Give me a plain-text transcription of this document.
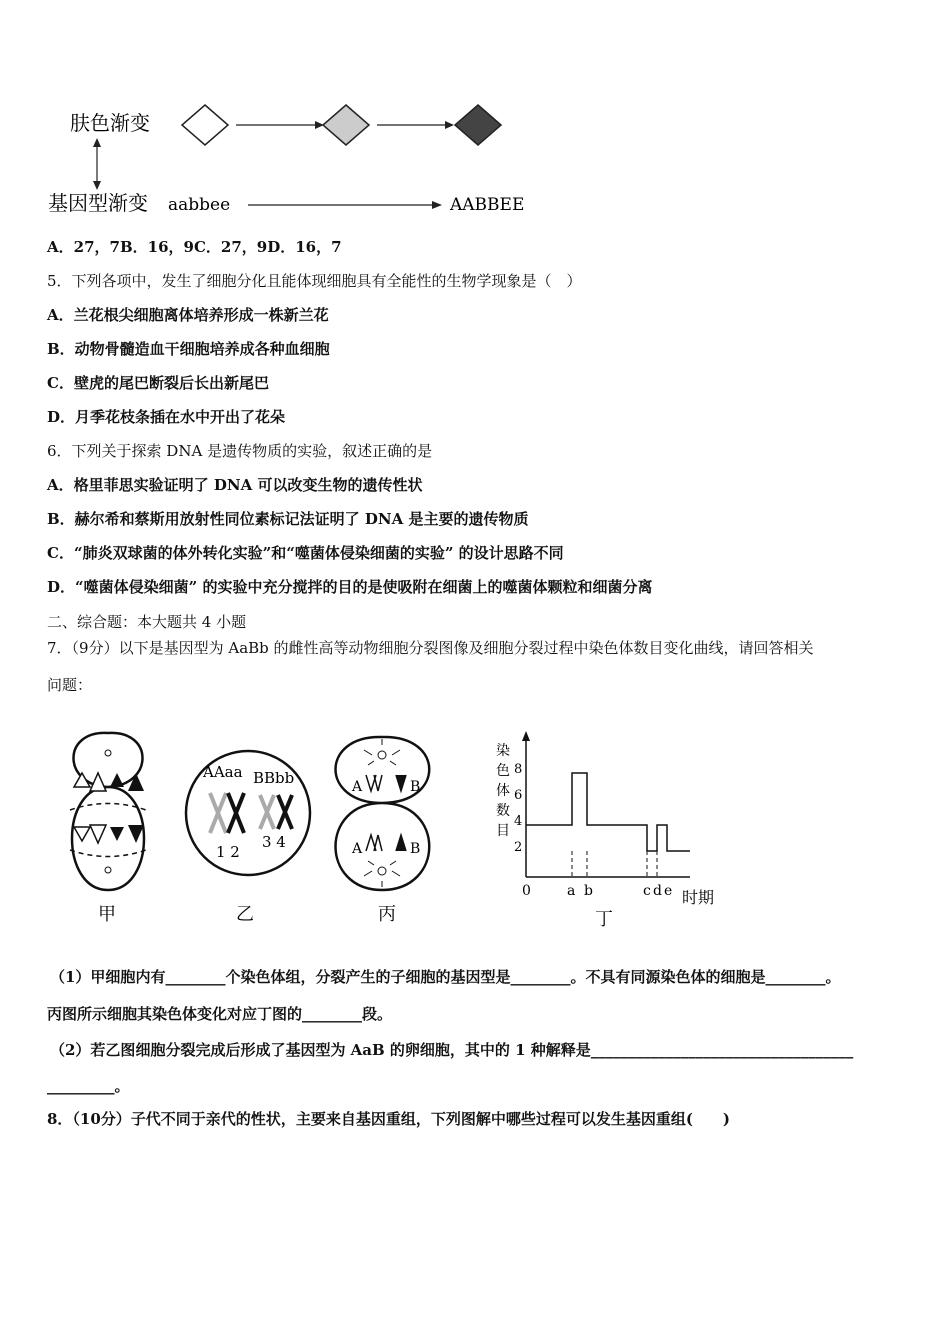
肤色渐变
基因型渐变 aabbee	AABBEE
A．27，7B．16，9C．27，9D．16，7
5．下列各项中，发生了细胞分化且能体现细胞具有全能性的生物学现象是（　）
A．兰花根尖细胞离体培养形成一株新兰花
B．动物骨髓造血干细胞培养成各种血细胞
C．壁虎的尾巴断裂后长出新尾巴
D．月季花枝条插在水中开出了花朵
6．下列关于探索 DNA 是遗传物质的实验，叙述正确的是
A．格里菲思实验证明了 DNA 可以改变生物的遗传性状
B．赫尔希和蔡斯用放射性同位素标记法证明了 DNA 是主要的遗传物质
C．“肺炎双球菌的体外转化实验”和“噬菌体侵染细菌的实验” 的设计思路不同
D．“噬菌体侵染细菌” 的实验中充分搅拌的目的是使吸附在细菌上的噬菌体颗粒和细菌分离
二、综合题：本大题共 4 小题
7．（9分）以下是基因型为 AaBb 的雌性高等动物细胞分裂图像及细胞分裂过程中染色体数目变化曲线，请回答相关
问题：
甲
AAaa BBbb
1 2
3 4
乙
A	B
A	B
丙
染
色
体
数
目
8
6
4
2
0	a b	c d e 时期
丁
（1）甲细胞内有________个染色体组，分裂产生的子细胞的基因型是________。不具有同源染色体的细胞是________。
丙图所示细胞其染色体变化对应丁图的________段。
（2）若乙图细胞分裂完成后形成了基因型为 AaB 的卵细胞，其中的 1 种解释是___________________________________
_________。
8．（10分）子代不同于亲代的性状，主要来自基因重组，下列图解中哪些过程可以发生基因重组(　　)
